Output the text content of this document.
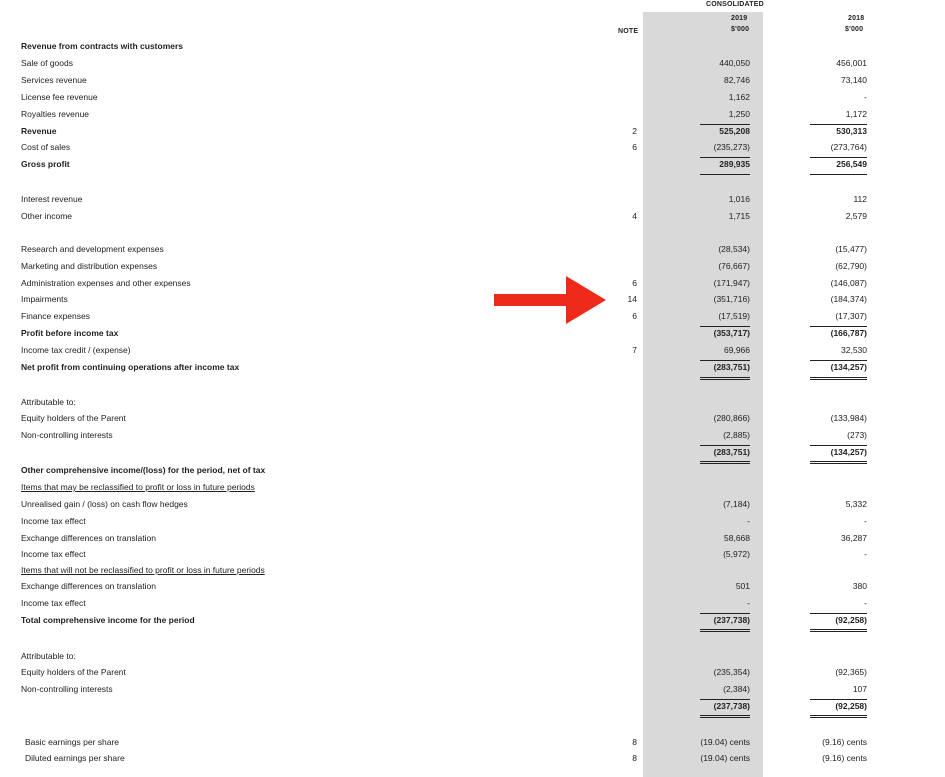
CONSOLIDATED
NOTE
2019
$'000
2018
$'000
Revenue from contracts with customers
Sale of goods	440,050	456,001
Services revenue	82,746	73,140
License fee revenue	1,162	-
Royalties revenue	1,250	1,172
Revenue	2	525,208	530,313
Cost of sales	6	(235,273)	(273,764)
Gross profit	289,935	256,549
Interest revenue	1,016	112
Other income	4	1,715	2,579
Research and development expenses	(28,534)	(15,477)
Marketing and distribution expenses	(76,667)	(62,790)
Administration expenses and other expenses	6	(171,947)	(146,087)
Impairments	14	(351,716)	(184,374)
Finance expenses	6	(17,519)	(17,307)
Profit before income tax	(353,717)	(166,787)
Income tax credit / (expense)	7	69,966	32,530
Net profit from continuing operations after income tax	(283,751)	(134,257)
Attributable to:
Equity holders of the Parent	(280,866)	(133,984)
Non-controlling interests	(2,885)	(273)
(283,751)	(134,257)
Other comprehensive income/(loss) for the period, net of tax
Items that may be reclassified to profit or loss in future periods
Unrealised gain / (loss) on cash flow hedges	(7,184)	5,332
Income tax effect	-	-
Exchange differences on translation	58,668	36,287
Income tax effect	(5,972)	-
Items that will not be reclassified to profit or loss in future periods
Exchange differences on translation	501	380
Income tax effect	-	-
Total comprehensive income for the period	(237,738)	(92,258)
Attributable to:
Equity holders of the Parent	(235,354)	(92,365)
Non-controlling interests	(2,384)	107
(237,738)	(92,258)
Basic earnings per share	8	(19.04) cents	(9.16) cents
Diluted earnings per share	8	(19.04) cents	(9.16) cents
